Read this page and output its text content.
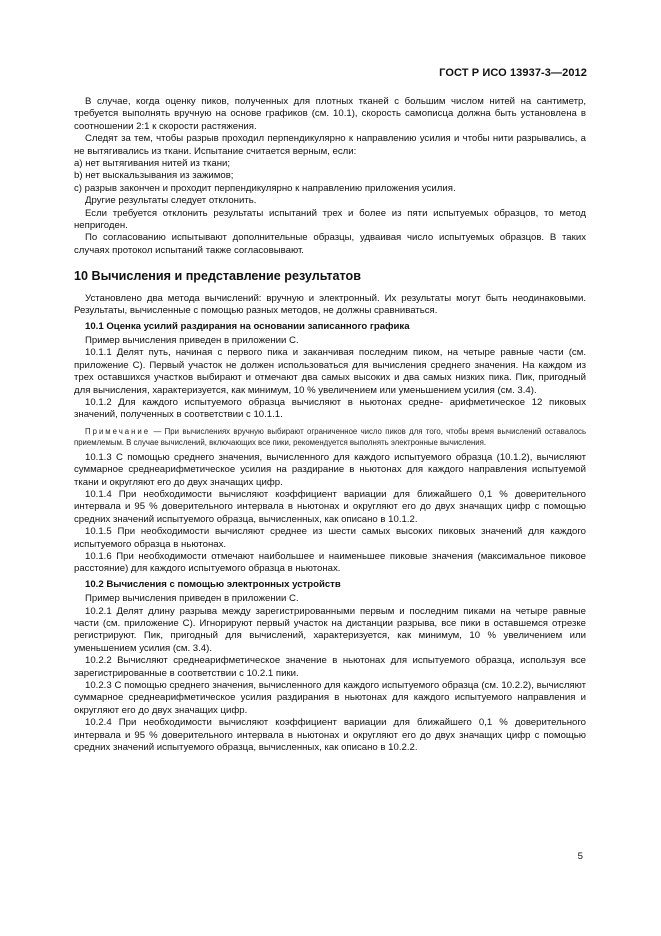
ГОСТ Р ИСО 13937-3—2012

В случае, когда оценку пиков, полученных для плотных тканей с большим числом нитей на сантиметр, требуется выполнять вручную на основе графиков (см. 10.1), скорость самописца должна быть установлена в соотношении 2:1 к скорости растяжения.

Следят за тем, чтобы разрыв проходил перпендикулярно к направлению усилия и чтобы нити разрывались, а не вытягивались из ткани. Испытание считается верным, если:

a) нет вытягивания нитей из ткани;

b) нет выскальзывания из зажимов;

c) разрыв закончен и проходит перпендикулярно к направлению приложения усилия.

Другие результаты следует отклонить.

Если требуется отклонить результаты испытаний трех и более из пяти испытуемых образцов, то метод непригоден.

По согласованию испытывают дополнительные образцы, удваивая число испытуемых образцов. В таких случаях протокол испытаний также согласовывают.

10 Вычисления и представление результатов

Установлено два метода вычислений: вручную и электронный. Их результаты могут быть неодинаковыми. Результаты, вычисленные с помощью разных методов, не должны сравниваться.

10.1 Оценка усилий раздирания на основании записанного графика

Пример вычисления приведен в приложении С.

10.1.1 Делят путь, начиная с первого пика и заканчивая последним пиком, на четыре равные части (см. приложение С). Первый участок не должен использоваться для вычисления среднего значения. На каждом из трех оставшихся участков выбирают и отмечают два самых высоких и два самых низких пика. Пик, пригодный для вычисления, характеризуется, как минимум, 10 % увеличением или уменьшением усилия (см. 3.4).

10.1.2 Для каждого испытуемого образца вычисляют в ньютонах средне- арифметическое 12 пиковых значений, полученных в соответствии с 10.1.1.

Примечание — При вычислениях вручную выбирают ограниченное число пиков для того, чтобы время вычислений оставалось приемлемым. В случае вычислений, включающих все пики, рекомендуется выполнять электронные вычисления.

10.1.3 С помощью среднего значения, вычисленного для каждого испытуемого образца (10.1.2), вычисляют суммарное среднеарифметическое усилия на раздирание в ньютонах для каждого направления испытуемой ткани и округляют его до двух значащих цифр.

10.1.4 При необходимости вычисляют коэффициент вариации для ближайшего 0,1 % доверительного интервала и 95 % доверительного интервала в ньютонах и округляют его до двух значащих цифр с помощью средних значений испытуемого образца, вычисленных, как описано в 10.1.2.

10.1.5 При необходимости вычисляют среднее из шести самых высоких пиковых значений для каждого испытуемого образца в ньютонах.

10.1.6 При необходимости отмечают наибольшее и наименьшее пиковые значения (максимальное пиковое расстояние) для каждого испытуемого образца в ньютонах.

10.2 Вычисления с помощью электронных устройств

Пример вычисления приведен в приложении С.

10.2.1 Делят длину разрыва между зарегистрированными первым и последним пиками на четыре равные части (см. приложение С). Игнорируют первый участок на дистанции разрыва, все пики в оставшемся отрезке регистрируют. Пик, пригодный для вычислений, характеризуется, как минимум, 10 % увеличением или уменьшением усилия (см. 3.4).

10.2.2 Вычисляют среднеарифметическое значение в ньютонах для испытуемого образца, используя все зарегистрированные в соответствии с 10.2.1 пики.

10.2.3 С помощью среднего значения, вычисленного для каждого испытуемого образца (см. 10.2.2), вычисляют суммарное среднеарифметическое усилия раздирания в ньютонах для каждого испытуемого направления и округляют его до двух значащих цифр.

10.2.4 При необходимости вычисляют коэффициент вариации для ближайшего 0,1 % доверительного интервала и 95 % доверительного интервала в ньютонах и округляют его до двух значащих цифр с помощью средних значений испытуемого образца, вычисленных, как описано в 10.2.2.

5
